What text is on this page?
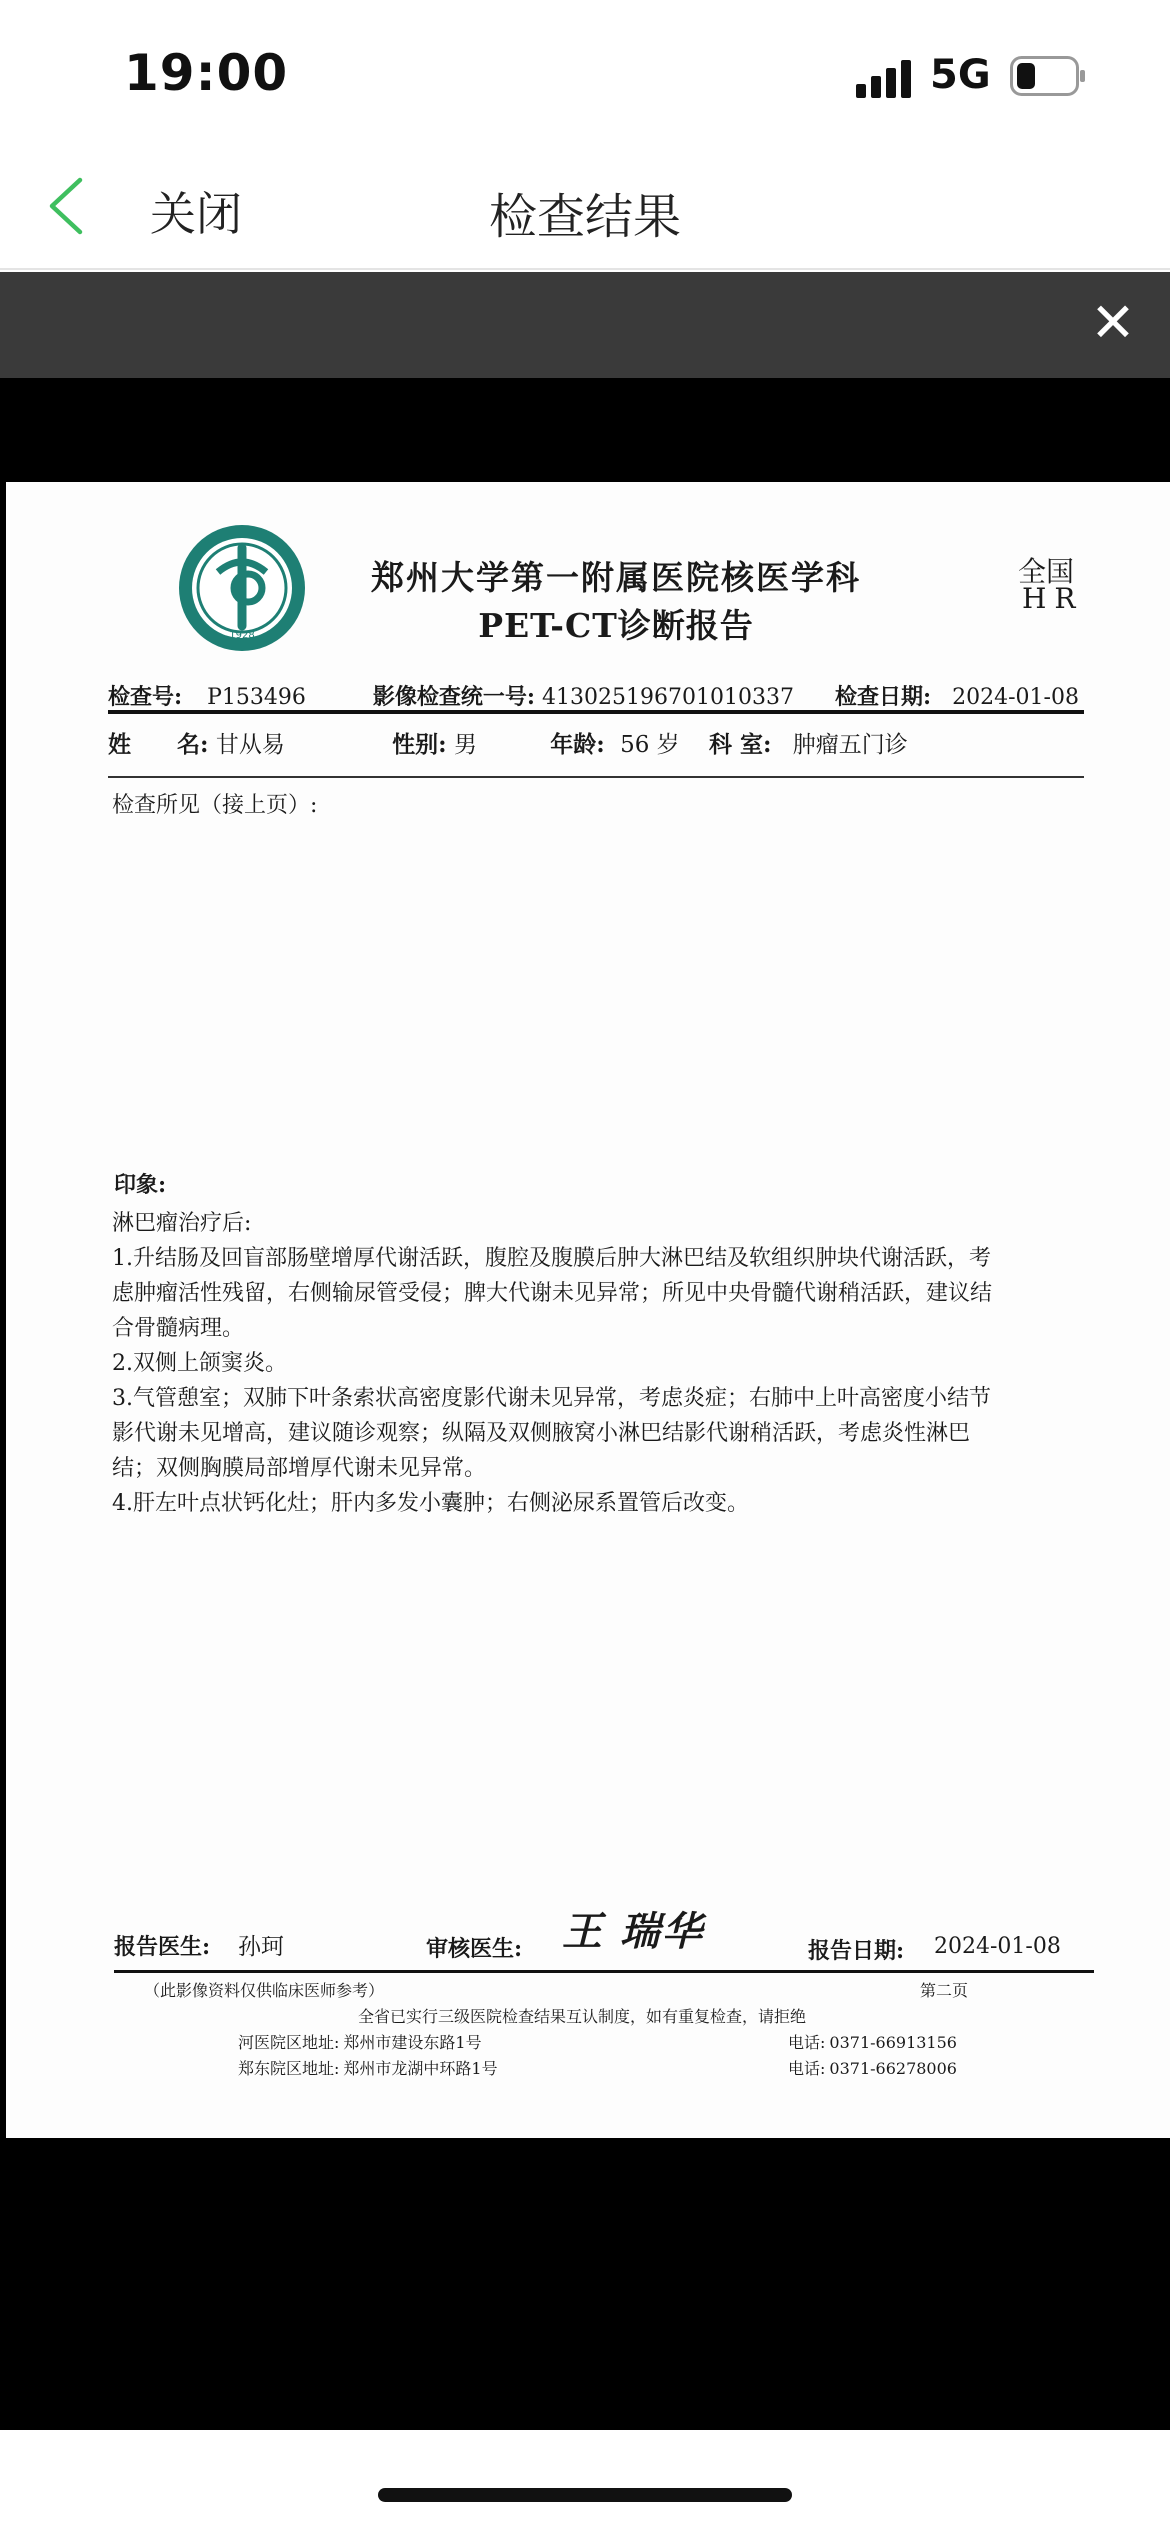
19:00	5G
检查结果
关闭
✕
1928
郑州大学第一附属医院核医学科
PET-CT诊断报告
全国
HR
检查号: P153496	影像检查统一号: 413025196701010337 检查日期: 2024-01-08
姓　　名: 甘从易	性别: 男	年龄: 56 岁 科 室: 肿瘤五门诊
检查所见（接上页）:
印象:
淋巴瘤治疗后:
1.升结肠及回盲部肠壁增厚代谢活跃，腹腔及腹膜后肿大淋巴结及软组织肿块代谢活跃，考
虑肿瘤活性残留，右侧输尿管受侵；脾大代谢未见异常；所见中央骨髓代谢稍活跃，建议结
合骨髓病理。
2.双侧上颌窦炎。
3.气管憩室；双肺下叶条索状高密度影代谢未见异常，考虑炎症；右肺中上叶高密度小结节
影代谢未见增高，建议随诊观察；纵隔及双侧腋窝小淋巴结影代谢稍活跃，考虑炎性淋巴
结；双侧胸膜局部增厚代谢未见异常。
4.肝左叶点状钙化灶；肝内多发小囊肿；右侧泌尿系置管后改变。
报告医生: 孙珂	审核医生: 王 瑞华	报告日期: 2024-01-08
（此影像资料仅供临床医师参考）	第二页
全省已实行三级医院检查结果互认制度，如有重复检查，请拒绝
河医院区地址: 郑州市建设东路1号	电话: 0371-66913156
郑东院区地址: 郑州市龙湖中环路1号	电话: 0371-66278006
